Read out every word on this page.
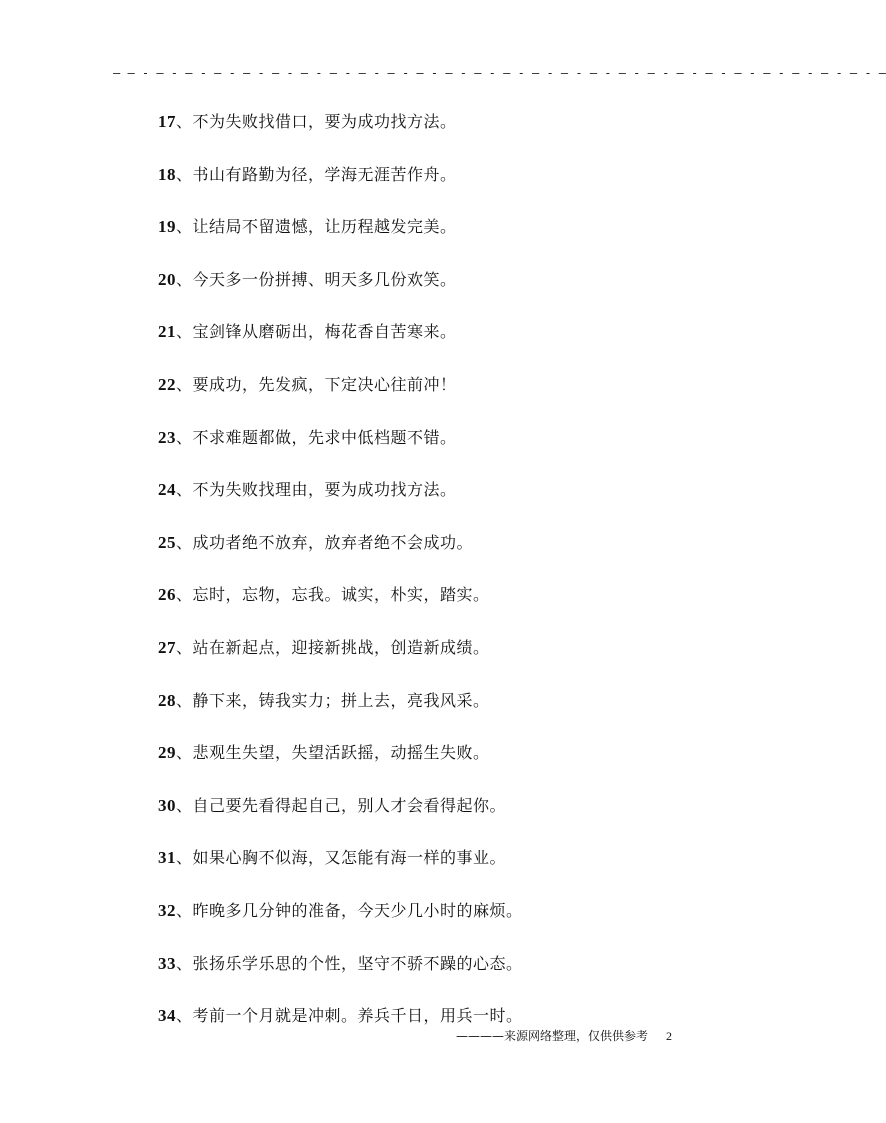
– – - – - – - – - – - – - – - – - – - – - – - – - – - – - – - – - – - – - – - – - – - – - – - – - – - – - –
17、不为失败找借口，要为成功找方法。
18、书山有路勤为径，学海无涯苦作舟。
19、让结局不留遗憾，让历程越发完美。
20、今天多一份拼搏、明天多几份欢笑。
21、宝剑锋从磨砺出，梅花香自苦寒来。
22、要成功，先发疯，下定决心往前冲！
23、不求难题都做，先求中低档题不错。
24、不为失败找理由，要为成功找方法。
25、成功者绝不放弃，放弃者绝不会成功。
26、忘时，忘物，忘我。诚实，朴实，踏实。
27、站在新起点，迎接新挑战，创造新成绩。
28、静下来，铸我实力；拼上去，亮我风采。
29、悲观生失望，失望活跃摇，动摇生失败。
30、自己要先看得起自己，别人才会看得起你。
31、如果心胸不似海，又怎能有海一样的事业。
32、昨晚多几分钟的准备，今天少几小时的麻烦。
33、张扬乐学乐思的个性，坚守不骄不躁的心态。
34、考前一个月就是冲刺。养兵千日，用兵一时。
————来源网络整理，仅供供参考 2
